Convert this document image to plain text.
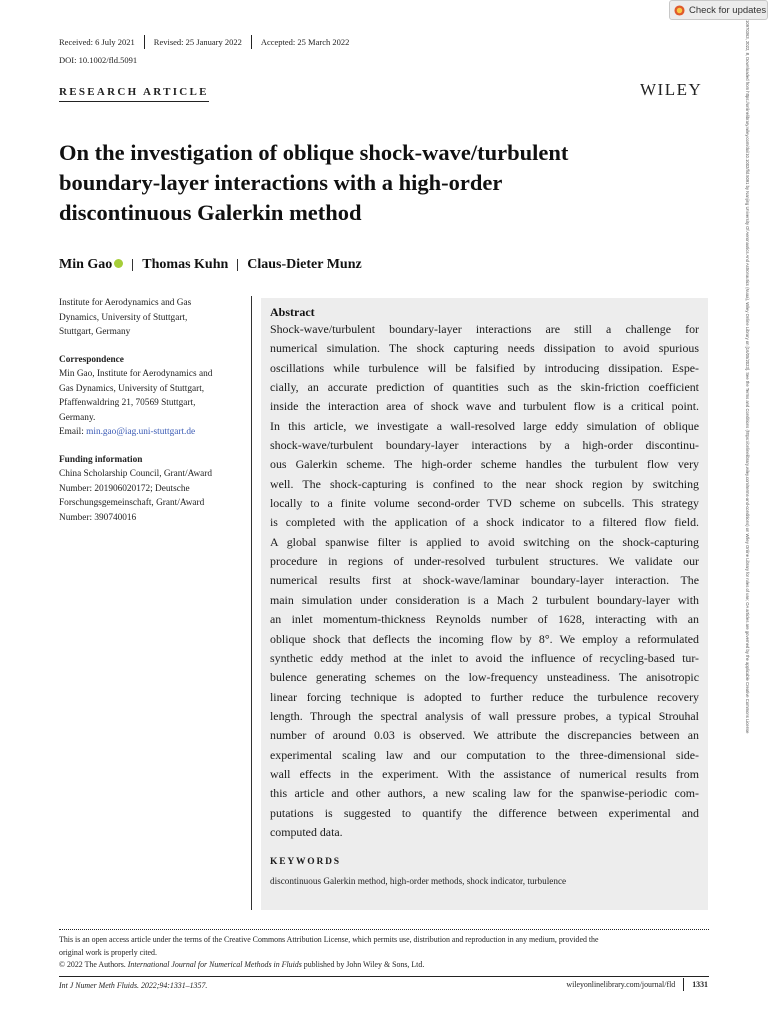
Check for updates
10970363, 2022, 8, Downloaded from https://onlinelibrary.wiley.com/doi/10.1002/fld.5091 by Nanjing University Of Aeronautics And Astronautics (Nuaa), Wiley Online Library on [16/05/2023]. See the Terms and Conditions (https://onlinelibrary.wiley.com/terms-and-conditions) on Wiley Online Library for rules of use; OA articles are governed by the applicable Creative Commons License
Received: 6 July 2021	Revised: 25 January 2022	Accepted: 25 March 2022
DOI: 10.1002/fld.5091
RESEARCH ARTICLE	WILEY
On the investigation of oblique shock-wave/turbulent
boundary-layer interactions with a high-order
discontinuous Galerkin method
Min Gao Thomas Kuhn Claus-Dieter Munz
Institute for Aerodynamics and Gas
Dynamics, University of Stuttgart,
Stuttgart, Germany
Correspondence
Min Gao, Institute for Aerodynamics and
Gas Dynamics, University of Stuttgart,
Pfaffenwaldring 21, 70569 Stuttgart,
Germany.
Email: min.gao@iag.uni-stuttgart.de
Funding information
China Scholarship Council, Grant/Award
Number: 201906020172; Deutsche
Forschungsgemeinschaft, Grant/Award
Number: 390740016
Abstract
Shock-wave/turbulent boundary-layer interactions are still a challenge for
numerical simulation. The shock capturing needs dissipation to avoid spurious
oscillations while turbulence will be falsified by introducing dissipation. Espe-
cially, an accurate prediction of quantities such as the skin-friction coefficient
inside the interaction area of shock wave and turbulent flow is a critical point.
In this article, we investigate a wall-resolved large eddy simulation of oblique
shock-wave/turbulent boundary-layer interactions by a high-order discontinu-
ous Galerkin scheme. The high-order scheme handles the turbulent flow very
well. The shock-capturing is confined to the near shock region by switching
locally to a finite volume second-order TVD scheme on subcells. This strategy
is completed with the application of a shock indicator to a filtered flow field.
A global spanwise filter is applied to avoid switching on the shock-capturing
procedure in regions of under-resolved turbulent structures. We validate our
numerical results first at shock-wave/laminar boundary-layer interaction. The
main simulation under consideration is a Mach 2 turbulent boundary-layer with
an inlet momentum-thickness Reynolds number of 1628, interacting with an
oblique shock that deflects the incoming flow by 8°. We employ a reformulated
synthetic eddy method at the inlet to avoid the influence of recycling-based tur-
bulence generating schemes on the low-frequency unsteadiness. The anisotropic
linear forcing technique is adopted to further reduce the turbulence recovery
length. Through the spectral analysis of wall pressure probes, a typical Strouhal
number of around 0.03 is observed. We attribute the discrepancies between an
experimental scaling law and our computation to the three-dimensional side-
wall effects in the experiment. With the assistance of numerical results from
this article and other authors, a new scaling law for the spanwise-periodic com-
putations is suggested to quantify the difference between experimental and
computed data.
KEYWORDS
discontinuous Galerkin method, high-order methods, shock indicator, turbulence
This is an open access article under the terms of the Creative Commons Attribution License, which permits use, distribution and reproduction in any medium, provided the
original work is properly cited.
© 2022 The Authors. International Journal for Numerical Methods in Fluids published by John Wiley & Sons, Ltd.
Int J Numer Meth Fluids. 2022;94:1331–1357.	wileyonlinelibrary.com/journal/fld 1331
